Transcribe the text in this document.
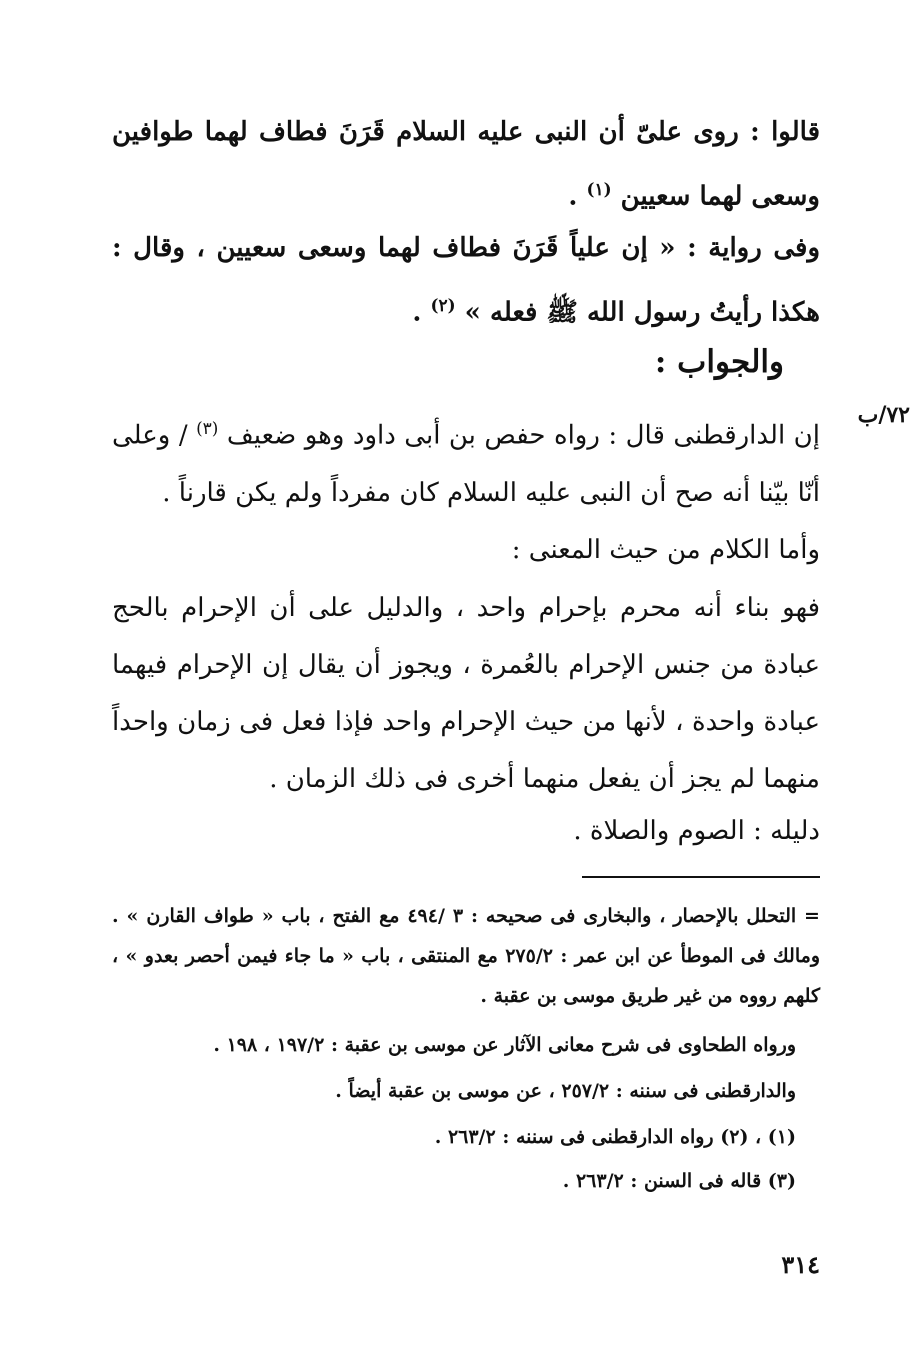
قالوا : روى علىّ أن النبى عليه السلام قَرَنَ فطاف لهما طوافين وسعى لهما سعيين $^{(١)}$ .
وفى رواية : « إن علياً قَرَنَ فطاف لهما وسعى سعيين ، وقال : هكذا رأيتُ رسول الله ﷺ فعله » $^{(٢)}$ .
والجواب :
٧٢/ب
إن الدارقطنى قال : رواه حفص بن أبى داود وهو ضعيف $^{(٣)}$ / وعلى أنّا بيّنا أنه صح أن النبى عليه السلام كان مفرداً ولم يكن قارناً .
وأما الكلام من حيث المعنى :
فهو بناء أنه محرم بإحرام واحد ، والدليل على أن الإحرام بالحج عبادة من جنس الإحرام بالعُمرة ، ويجوز أن يقال إن الإحرام فيهما عبادة واحدة ، لأنها من حيث الإحرام واحد فإذا فعل فى زمان واحداً منهما لم يجز أن يفعل منهما أخرى فى ذلك الزمان .
دليله : الصوم والصلاة .
= التحلل بالإحصار ، والبخارى فى صحيحه : ٣ /٤٩٤ مع الفتح ، باب « طواف القارن » . ومالك فى الموطأ عن ابن عمر : ٢٧٥/٢ مع المنتقى ، باب « ما جاء فيمن أحصر بعدو » ، كلهم رووه من غير طريق موسى بن عقبة .
ورواه الطحاوى فى شرح معانى الآثار عن موسى بن عقبة : ١٩٧/٢ ، ١٩٨ .
والدارقطنى فى سننه : ٢٥٧/٢ ، عن موسى بن عقبة أيضاً .
(١) ، (٢) رواه الدارقطنى فى سننه : ٢٦٣/٢ .
(٣) قاله فى السنن : ٢٦٣/٢ .
٣١٤
